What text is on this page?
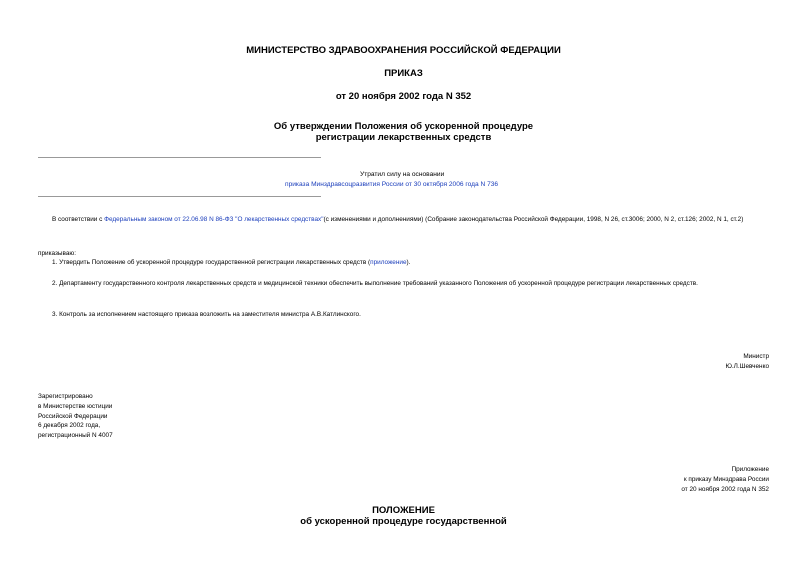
МИНИСТЕРСТВО ЗДРАВООХРАНЕНИЯ РОССИЙСКОЙ ФЕДЕРАЦИИ
ПРИКАЗ
от 20 ноября 2002 года N 352
Об утверждении Положения об ускоренной процедуре
регистрации лекарственных средств
Утратил силу на основании
приказа Минздравсоцразвития России от 30 октября 2006 года N 736
В соответствии с Федеральным законом от 22.06.98 N 86-ФЗ "О лекарственных средствах"(с изменениями и дополнениями) (Собрание законодательства Российской Федерации, 1998, N 26, ст.3006; 2000, N 2, ст.126; 2002, N 1, ст.2)
приказываю:
1. Утвердить Положение об ускоренной процедуре государственной регистрации лекарственных средств (приложение).
2. Департаменту государственного контроля лекарственных средств и медицинской техники обеспечить выполнение требований указанного Положения об ускоренной процедуре регистрации лекарственных средств.
3. Контроль за исполнением настоящего приказа возложить на заместителя министра А.В.Катлинского.
Министр
Ю.Л.Шевченко
Зарегистрировано
в Министерстве юстиции
Российской Федерации
6 декабря 2002 года,
регистрационный N 4007
Приложение
к приказу Минздрава России
от 20 ноября 2002 года N 352
ПОЛОЖЕНИЕ
об ускоренной процедуре государственной
